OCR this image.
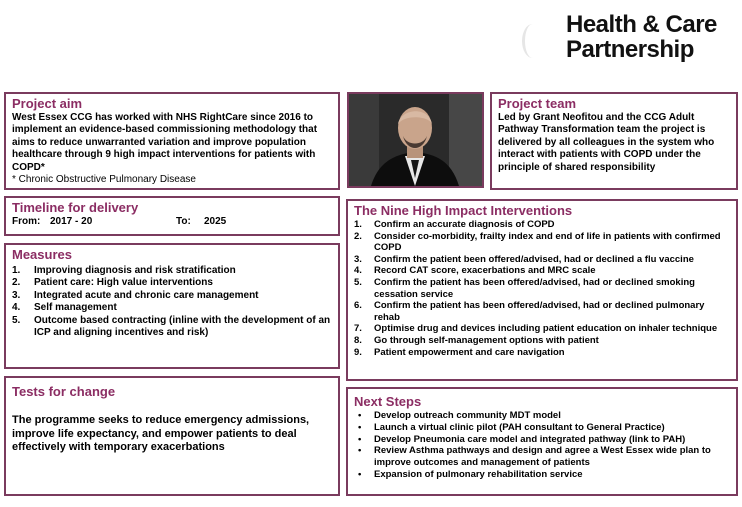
Health & Care
Partnership
Project aim
West Essex CCG has worked with NHS RightCare since 2016 to implement an evidence-based commissioning methodology that aims to reduce unwarranted variation and improve population healthcare through 9 high impact interventions for patients with COPD*
* Chronic Obstructive Pulmonary Disease
Project team
Led by Grant Neofitou and the CCG Adult Pathway Transformation team the project is delivered by all colleagues in the system who interact with patients with COPD under the principle of shared responsibility
Timeline for delivery
From: 2017 - 20	To:	2025
Measures
1.	Improving diagnosis and risk stratification
2.	Patient care: High value interventions
3.	Integrated acute and chronic care management
4.	Self management
5.	Outcome based contracting (inline with the development of an ICP and aligning incentives and risk)
The Nine High Impact Interventions
1.	Confirm an accurate diagnosis of COPD
2.	Consider co-morbidity, frailty index and end of life in patients with confirmed COPD
3.	Confirm the patient been offered/advised, had or declined a flu vaccine
4.	Record CAT score, exacerbations and MRC scale
5.	Confirm the patient has been offered/advised, had or declined smoking cessation service
6.	Confirm the patient has been offered/advised, had or declined pulmonary rehab
7.	Optimise drug and devices including patient education on inhaler technique
8.	Go through self-management options with patient
9.	Patient empowerment and care navigation
Tests for change
The programme seeks to reduce emergency admissions, improve life expectancy, and empower patients to deal effectively with temporary exacerbations
Next Steps
•	Develop outreach community MDT model
•	Launch a virtual clinic pilot (PAH consultant to General Practice)
•	Develop Pneumonia care model and integrated pathway (link to PAH)
•	Review Asthma pathways and design and agree a West Essex wide plan to improve outcomes and management of patients
•	Expansion of pulmonary rehabilitation service
